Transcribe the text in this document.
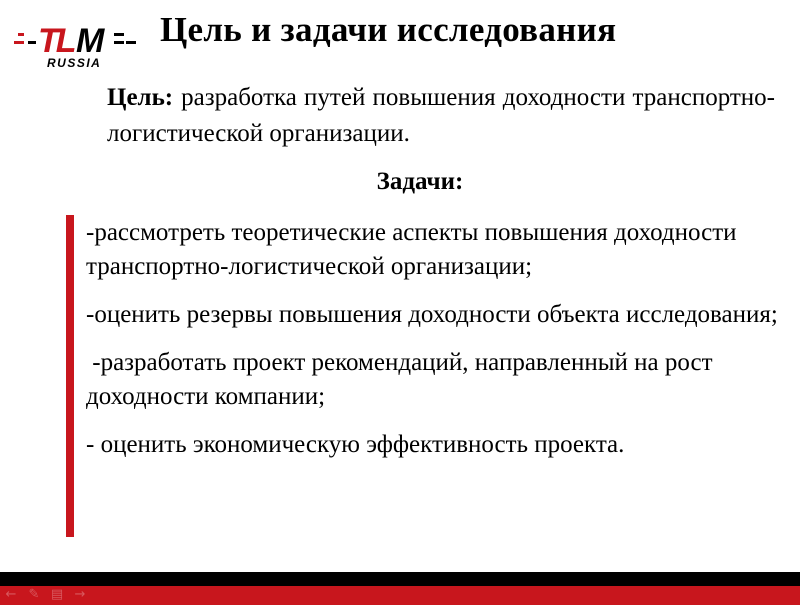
TL M
RUSSIA
Цель и задачи исследования
Цель: разработка путей повышения доходности транспортно-логистической организации.
Задачи:
-рассмотреть теоретические аспекты повышения доходности транспортно-логистической организации;
-оценить резервы повышения доходности объекта исследования;
-разработать проект рекомендаций, направленный на рост доходности компании;
- оценить экономическую эффективность проекта.
← ✎ ▤ →
